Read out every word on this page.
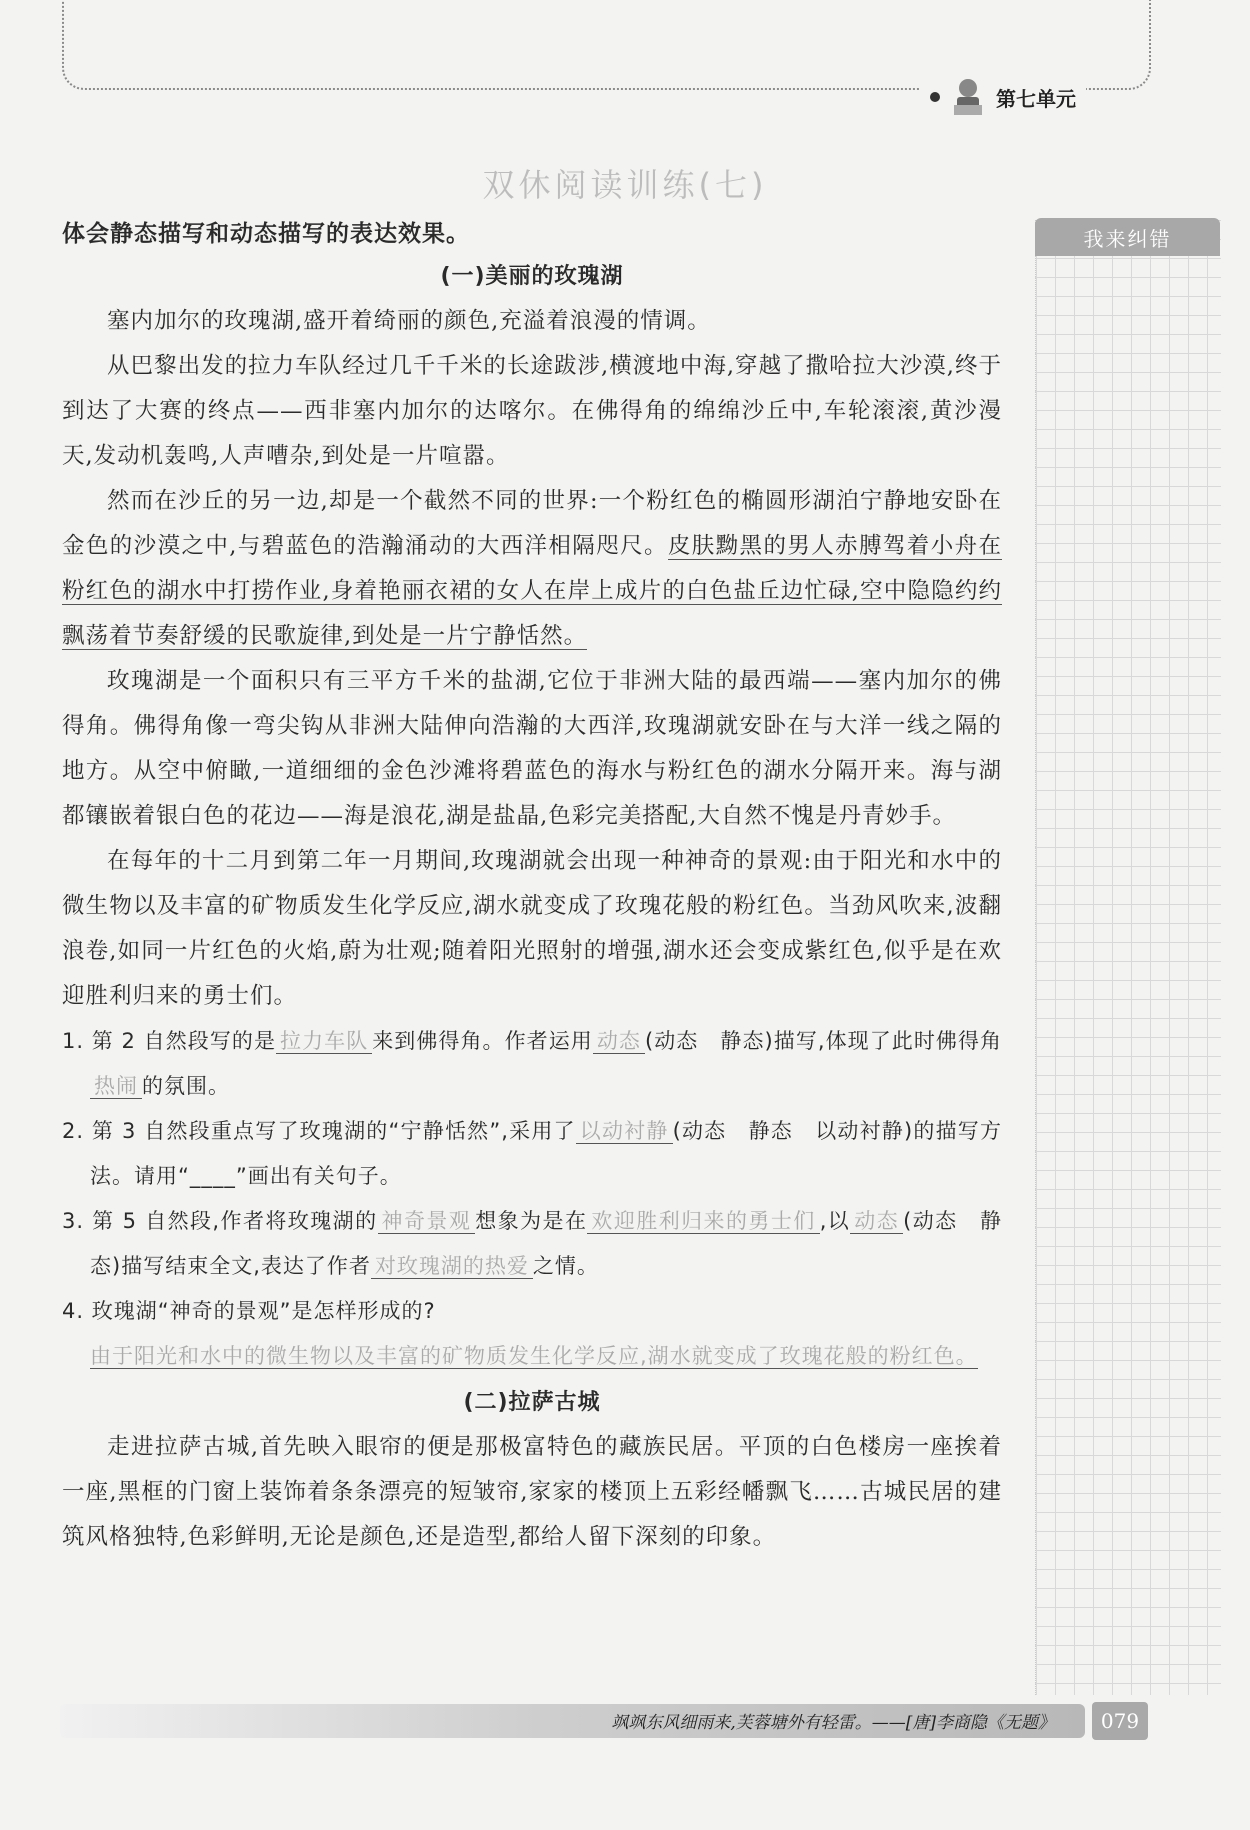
第七单元
双休阅读训练(七)
我来纠错
体会静态描写和动态描写的表达效果。
(一)美丽的玫瑰湖

塞内加尔的玫瑰湖,盛开着绮丽的颜色,充溢着浪漫的情调。

从巴黎出发的拉力车队经过几千千米的长途跋涉,横渡地中海,穿越了撒哈拉大沙漠,终于到达了大赛的终点——西非塞内加尔的达喀尔。在佛得角的绵绵沙丘中,车轮滚滚,黄沙漫天,发动机轰鸣,人声嘈杂,到处是一片喧嚣。

然而在沙丘的另一边,却是一个截然不同的世界:一个粉红色的椭圆形湖泊宁静地安卧在金色的沙漠之中,与碧蓝色的浩瀚涌动的大西洋相隔咫尺。皮肤黝黑的男人赤膊驾着小舟在粉红色的湖水中打捞作业,身着艳丽衣裙的女人在岸上成片的白色盐丘边忙碌,空中隐隐约约飘荡着节奏舒缓的民歌旋律,到处是一片宁静恬然。

玫瑰湖是一个面积只有三平方千米的盐湖,它位于非洲大陆的最西端——塞内加尔的佛得角。佛得角像一弯尖钩从非洲大陆伸向浩瀚的大西洋,玫瑰湖就安卧在与大洋一线之隔的地方。从空中俯瞰,一道细细的金色沙滩将碧蓝色的海水与粉红色的湖水分隔开来。海与湖都镶嵌着银白色的花边——海是浪花,湖是盐晶,色彩完美搭配,大自然不愧是丹青妙手。

在每年的十二月到第二年一月期间,玫瑰湖就会出现一种神奇的景观:由于阳光和水中的微生物以及丰富的矿物质发生化学反应,湖水就变成了玫瑰花般的粉红色。当劲风吹来,波翻浪卷,如同一片红色的火焰,蔚为壮观;随着阳光照射的增强,湖水还会变成紫红色,似乎是在欢迎胜利归来的勇士们。

1. 第 2 自然段写的是 拉力车队 来到佛得角。作者运用 动态 (动态　静态)描写,体现了此时佛得角热闹 的氛围。
2. 第 3 自然段重点写了玫瑰湖的“宁静恬然”,采用了 以动衬静 (动态　静态　以动衬静)的描写方法。请用“____”画出有关句子。
3. 第 5 自然段,作者将玫瑰湖的 神奇景观 想象为是在 欢迎胜利归来的勇士们 ,以 动态 (动态　静态)描写结束全文,表达了作者 对玫瑰湖的热爱 之情。
4. 玫瑰湖“神奇的景观”是怎样形成的?
由于阳光和水中的微生物以及丰富的矿物质发生化学反应,湖水就变成了玫瑰花般的粉红色。
(二)拉萨古城

走进拉萨古城,首先映入眼帘的便是那极富特色的藏族民居。平顶的白色楼房一座挨着一座,黑框的门窗上装饰着条条漂亮的短皱帘,家家的楼顶上五彩经幡飘飞……古城民居的建筑风格独特,色彩鲜明,无论是颜色,还是造型,都给人留下深刻的印象。

飒飒东风细雨来,芙蓉塘外有轻雷。——[唐]李商隐《无题》	079
